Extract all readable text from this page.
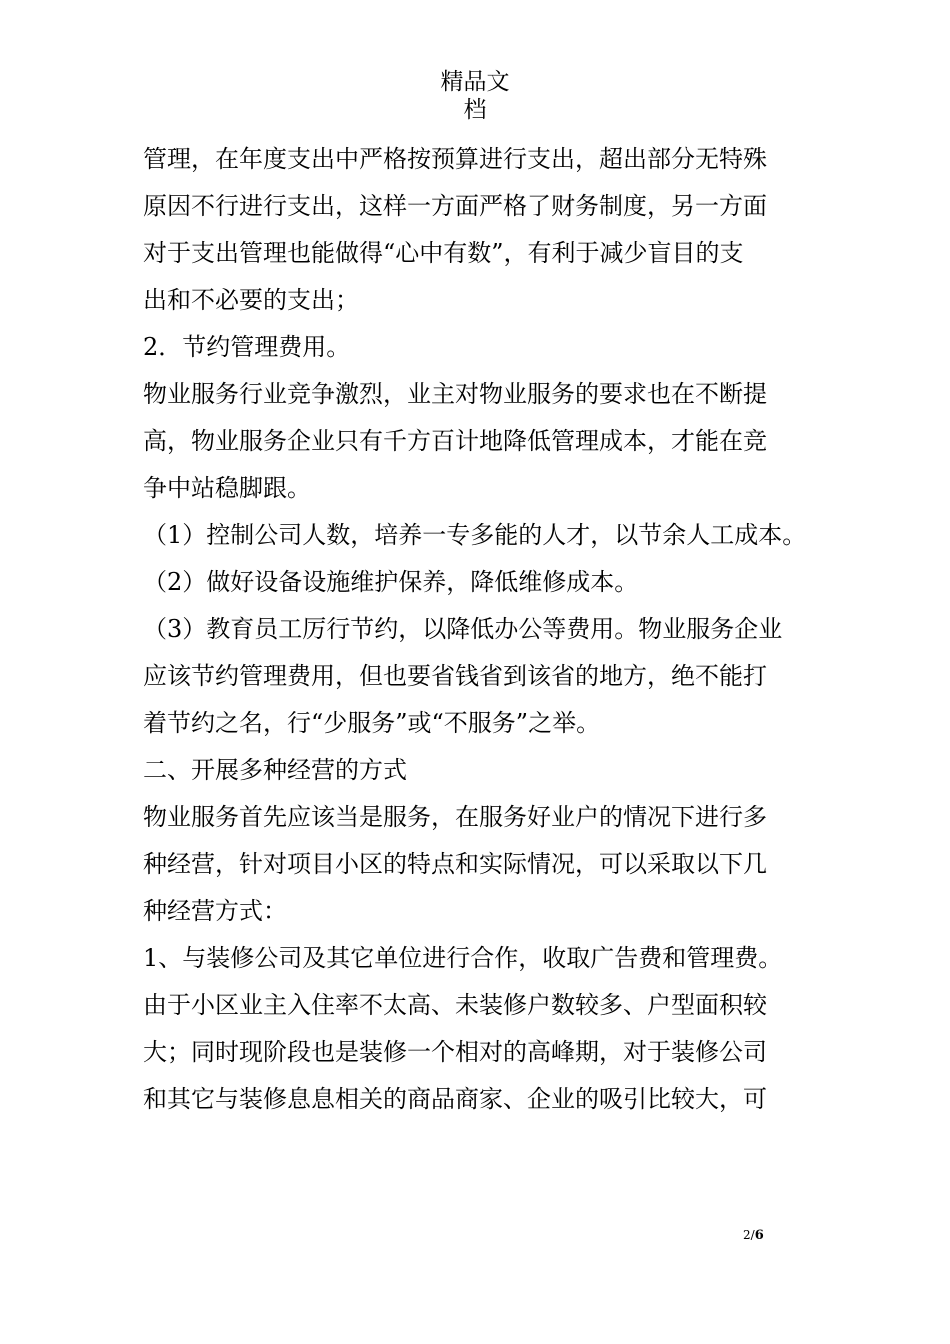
精品文
档
管理，在年度支出中严格按预算进行支出，超出部分无特殊
原因不行进行支出，这样一方面严格了财务制度，另一方面
对于支出管理也能做得“心中有数”，有利于减少盲目的支
出和不必要的支出；
2．节约管理费用。
物业服务行业竞争激烈，业主对物业服务的要求也在不断提
高，物业服务企业只有千方百计地降低管理成本，才能在竞
争中站稳脚跟。
（1）控制公司人数，培养一专多能的人才，以节余人工成本。
（2）做好设备设施维护保养，降低维修成本。
（3）教育员工厉行节约，以降低办公等费用。物业服务企业
应该节约管理费用，但也要省钱省到该省的地方，绝不能打
着节约之名，行“少服务”或“不服务”之举。
二、开展多种经营的方式
物业服务首先应该当是服务，在服务好业户的情况下进行多
种经营，针对项目小区的特点和实际情况，可以采取以下几
种经营方式：
1、与装修公司及其它单位进行合作，收取广告费和管理费。
由于小区业主入住率不太高、未装修户数较多、户型面积较
大；同时现阶段也是装修一个相对的高峰期，对于装修公司
和其它与装修息息相关的商品商家、企业的吸引比较大，可
2/6
